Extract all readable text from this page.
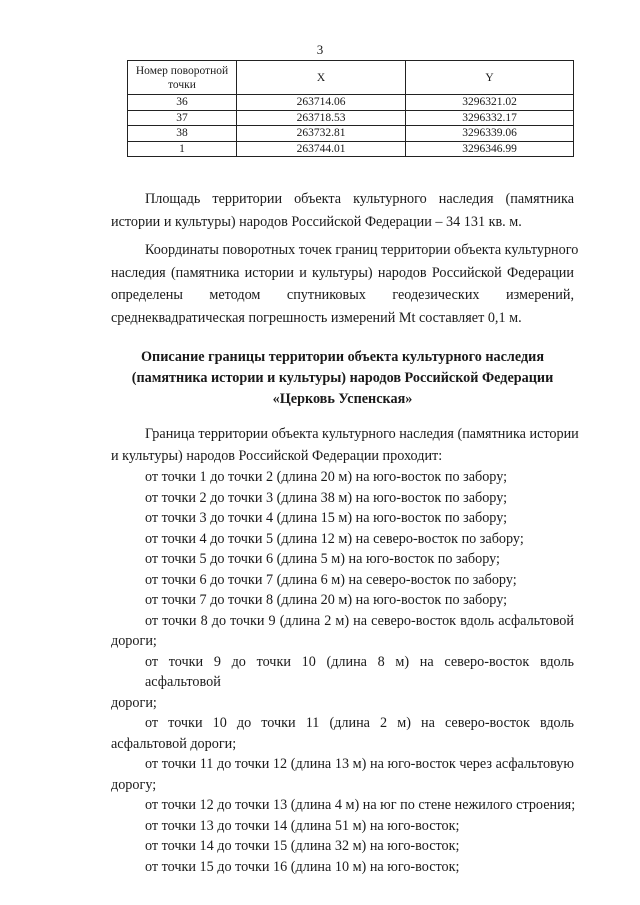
3
Номер поворотной точки	X	Y
36	263714.06	3296321.02
37	263718.53	3296332.17
38	263732.81	3296339.06
1	263744.01	3296346.99
Площадь территории объекта культурного наследия (памятника
истории и культуры) народов Российской Федерации – 34 131 кв. м.
Координаты поворотных точек границ территории объекта культурного
наследия (памятника истории и культуры) народов Российской Федерации
определены методом спутниковых геодезических измерений,
среднеквадратическая погрешность измерений Mt составляет 0,1 м.
Описание границы территории объекта культурного наследия
(памятника истории и культуры) народов Российской Федерации
«Церковь Успенская»
Граница территории объекта культурного наследия (памятника истории
и культуры) народов Российской Федерации проходит:
от точки 1 до точки 2 (длина 20 м) на юго-восток по забору;
от точки 2 до точки 3 (длина 38 м) на юго-восток по забору;
от точки 3 до точки 4 (длина 15 м) на юго-восток по забору;
от точки 4 до точки 5 (длина 12 м) на северо-восток по забору;
от точки 5 до точки 6 (длина 5 м) на юго-восток по забору;
от точки 6 до точки 7 (длина 6 м) на северо-восток по забору;
от точки 7 до точки 8 (длина 20 м) на юго-восток по забору;
от точки 8 до точки 9 (длина 2 м) на северо-восток вдоль асфальтовой
дороги;
от точки 9 до точки 10 (длина 8 м) на северо-восток вдоль асфальтовой
дороги;
от точки 10 до точки 11 (длина 2 м) на северо-восток вдоль
асфальтовой дороги;
от точки 11 до точки 12 (длина 13 м) на юго-восток через асфальтовую
дорогу;
от точки 12 до точки 13 (длина 4 м) на юг по стене нежилого строения;
от точки 13 до точки 14 (длина 51 м) на юго-восток;
от точки 14 до точки 15 (длина 32 м) на юго-восток;
от точки 15 до точки 16 (длина 10 м) на юго-восток;
